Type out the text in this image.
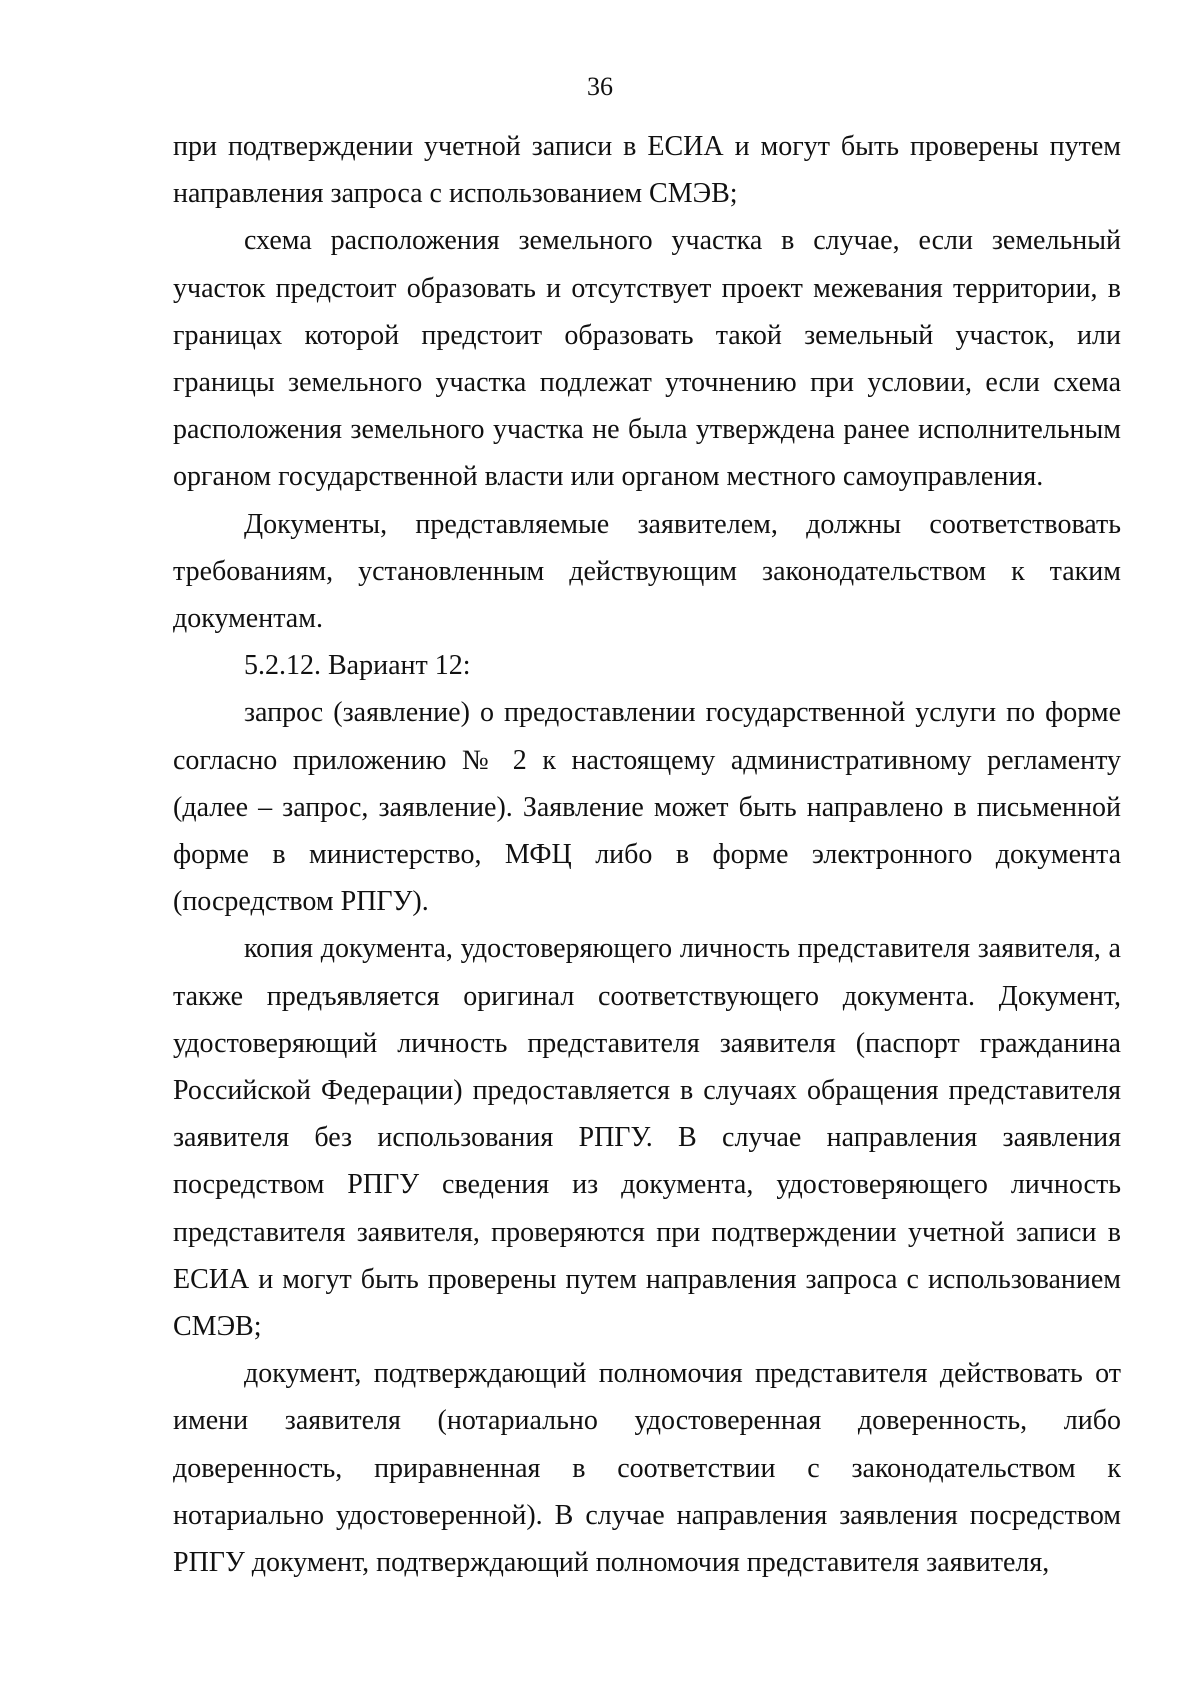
36

при подтверждении учетной записи в ЕСИА и могут быть проверены путем направления запроса с использованием СМЭВ;

схема расположения земельного участка в случае, если земельный участок предстоит образовать и отсутствует проект межевания территории, в границах которой предстоит образовать такой земельный участок, или границы земельного участка подлежат уточнению при условии, если схема расположения земельного участка не была утверждена ранее исполнительным органом государственной власти или органом местного самоуправления.

Документы, представляемые заявителем, должны соответствовать требованиям, установленным действующим законодательством к таким документам.

5.2.12. Вариант 12:

запрос (заявление) о предоставлении государственной услуги по форме согласно приложению № 2 к настоящему административному регламенту (далее – запрос, заявление). Заявление может быть направлено в письменной форме в министерство, МФЦ либо в форме электронного документа (посредством РПГУ).

копия документа, удостоверяющего личность представителя заявителя, а также предъявляется оригинал соответствующего документа. Документ, удостоверяющий личность представителя заявителя (паспорт гражданина Российской Федерации) предоставляется в случаях обращения представителя заявителя без использования РПГУ. В случае направления заявления посредством РПГУ сведения из документа, удостоверяющего личность представителя заявителя, проверяются при подтверждении учетной записи в ЕСИА и могут быть проверены путем направления запроса с использованием СМЭВ;

документ, подтверждающий полномочия представителя действовать от имени заявителя (нотариально удостоверенная доверенность, либо доверенность, приравненная в соответствии с законодательством к нотариально удостоверенной). В случае направления заявления посредством РПГУ документ, подтверждающий полномочия представителя заявителя,
